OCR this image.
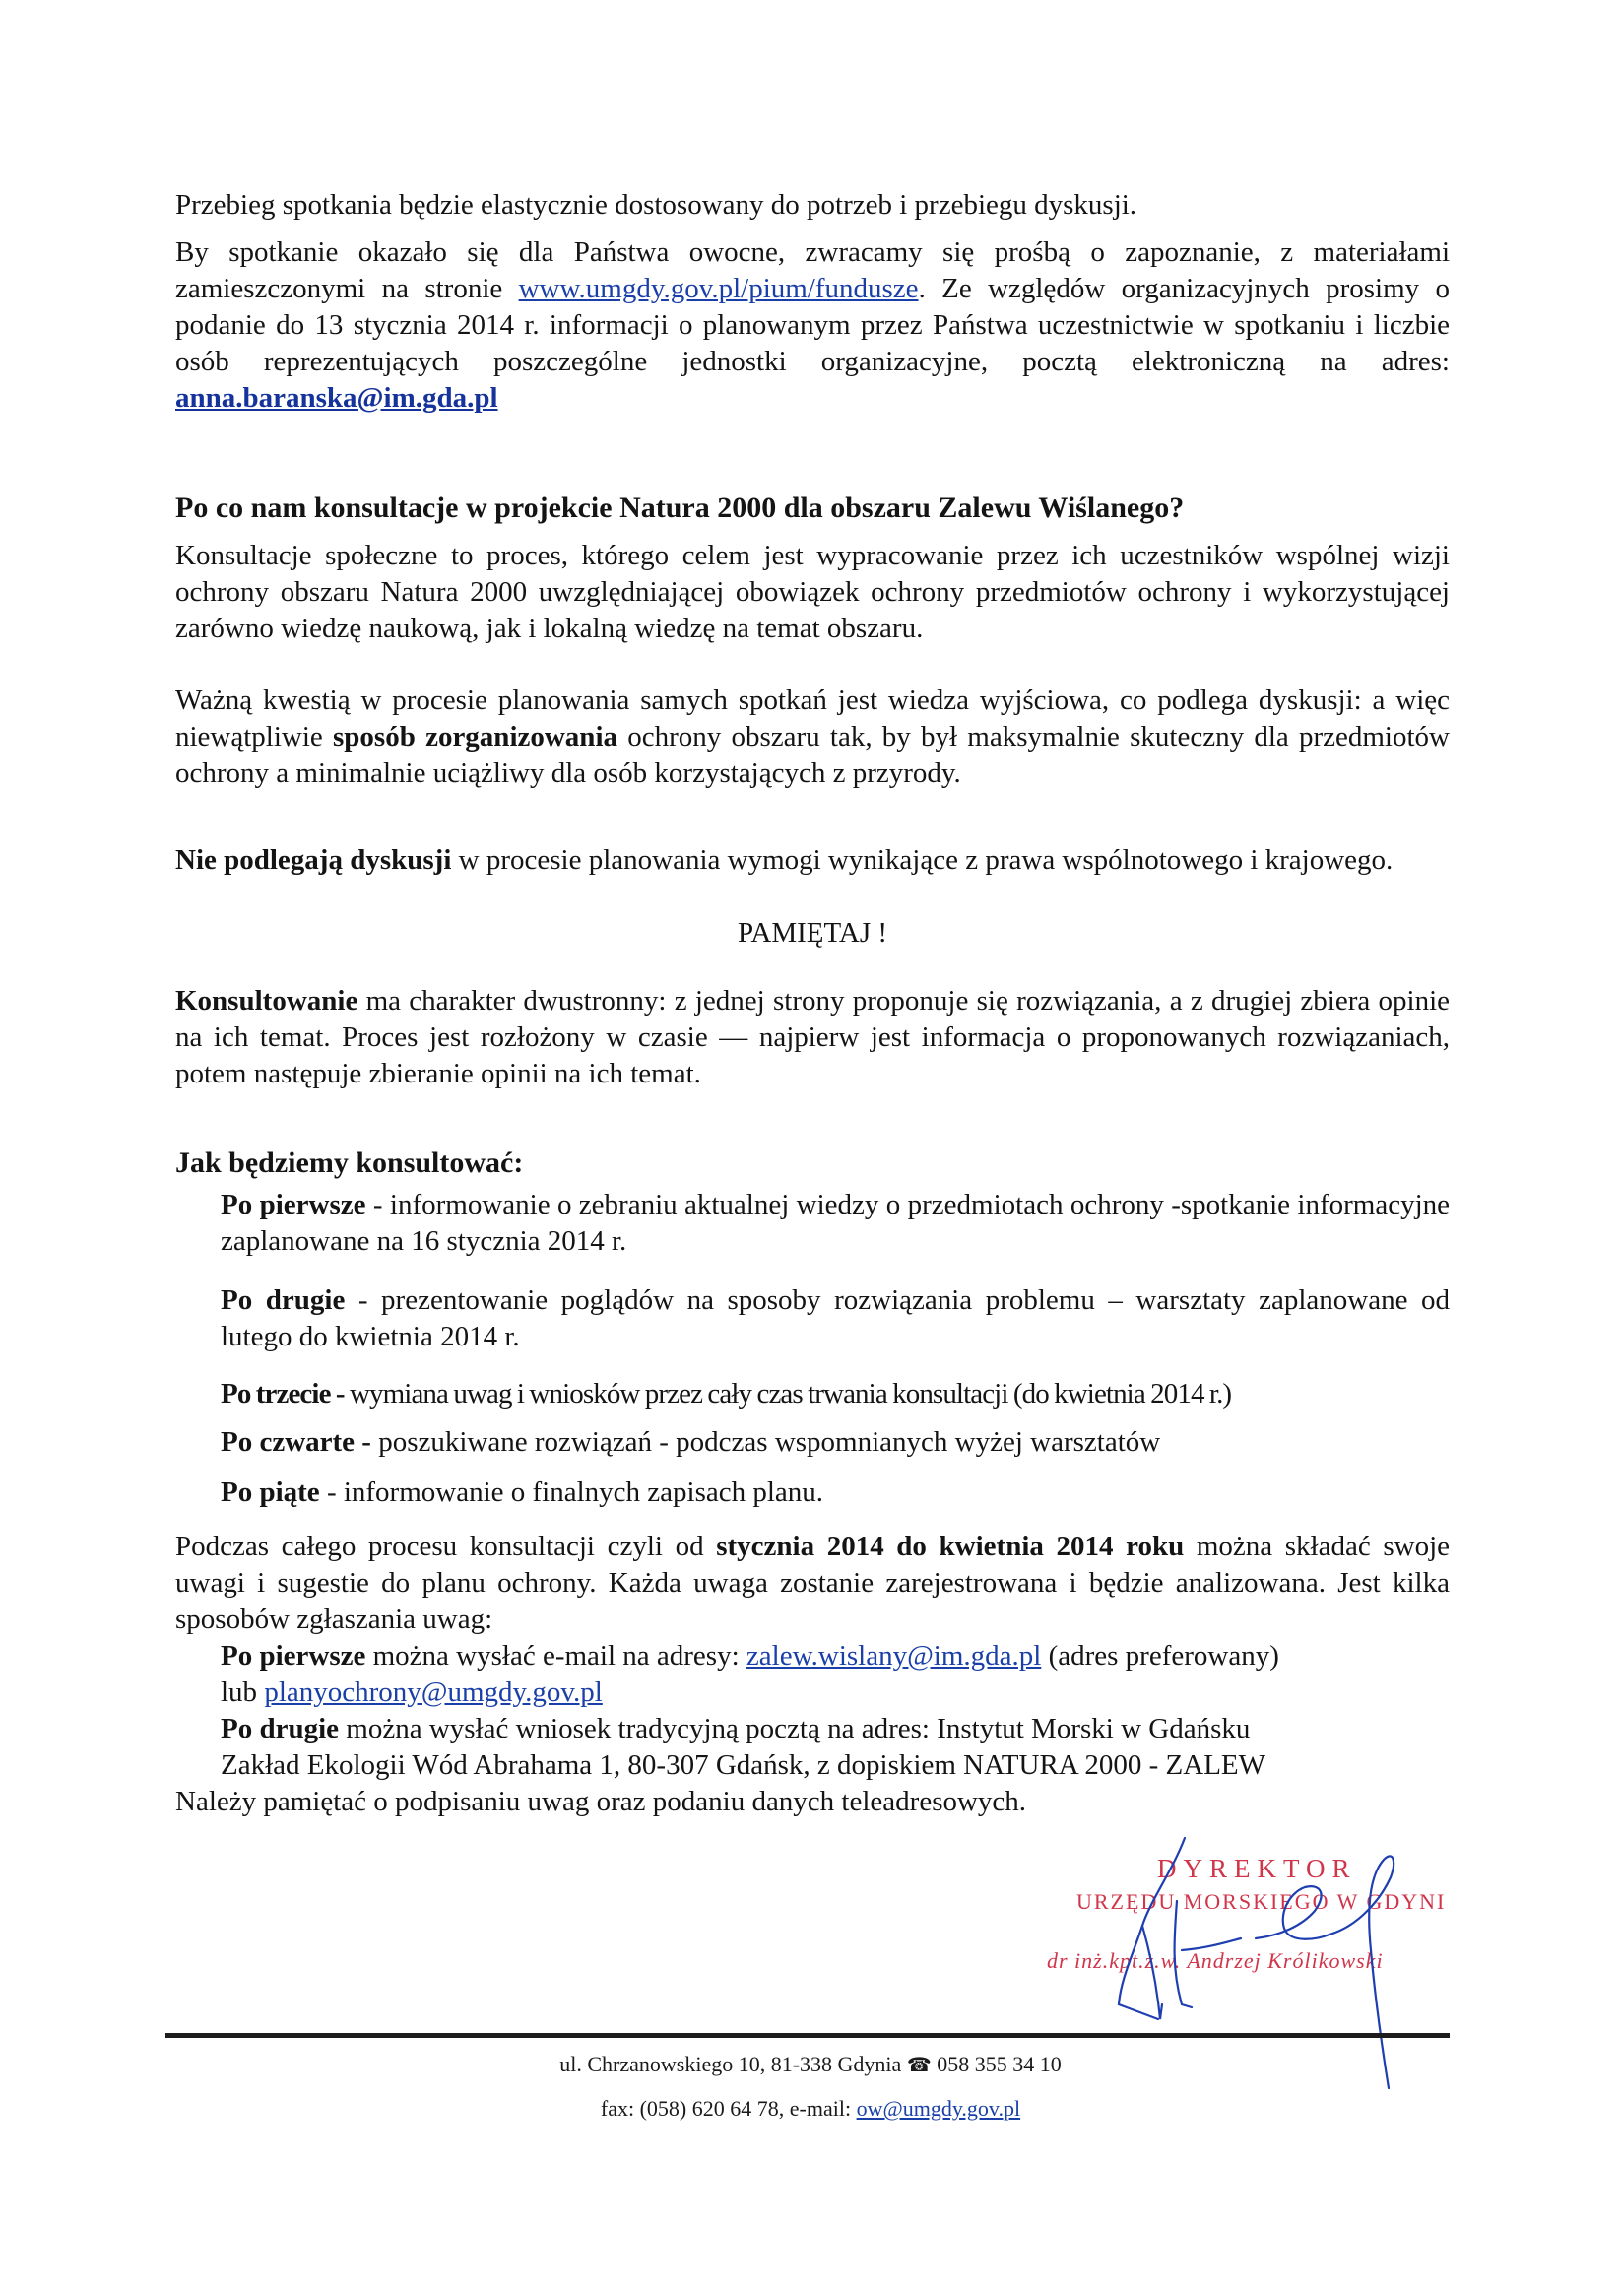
Przebieg spotkania będzie elastycznie dostosowany do potrzeb i przebiegu dyskusji.
By spotkanie okazało się dla Państwa owocne, zwracamy się prośbą o zapoznanie, z materiałami zamieszczonymi na stronie www.umgdy.gov.pl/pium/fundusze. Ze względów organizacyjnych prosimy o podanie do 13 stycznia 2014 r. informacji o planowanym przez Państwa uczestnictwie w spotkaniu i liczbie osób reprezentujących poszczególne jednostki organizacyjne, pocztą elektroniczną na adres: anna.baranska@im.gda.pl
Po co nam konsultacje w projekcie Natura 2000 dla obszaru Zalewu Wiślanego?
Konsultacje społeczne to proces, którego celem jest wypracowanie przez ich uczestników wspólnej wizji ochrony obszaru Natura 2000 uwzględniającej obowiązek ochrony przedmiotów ochrony i wykorzystującej zarówno wiedzę naukową, jak i lokalną wiedzę na temat obszaru.
Ważną kwestią w procesie planowania samych spotkań jest wiedza wyjściowa, co podlega dyskusji: a więc niewątpliwie sposób zorganizowania ochrony obszaru tak, by był maksymalnie skuteczny dla przedmiotów ochrony a minimalnie uciążliwy dla osób korzystających z przyrody.
Nie podlegają dyskusji w procesie planowania wymogi wynikające z prawa wspólnotowego i krajowego.
PAMIĘTAJ !
Konsultowanie ma charakter dwustronny: z jednej strony proponuje się rozwiązania, a z drugiej zbiera opinie na ich temat. Proces jest rozłożony w czasie — najpierw jest informacja o proponowanych rozwiązaniach, potem następuje zbieranie opinii na ich temat.
Jak będziemy konsultować:
Po pierwsze - informowanie o zebraniu aktualnej wiedzy o przedmiotach ochrony -spotkanie informacyjne zaplanowane na 16 stycznia 2014 r.
Po drugie - prezentowanie poglądów na sposoby rozwiązania problemu – warsztaty zaplanowane od lutego do kwietnia 2014 r.
Po trzecie - wymiana uwag i wniosków przez cały czas trwania konsultacji (do kwietnia 2014 r.)
Po czwarte - poszukiwane rozwiązań - podczas wspomnianych wyżej warsztatów
Po piąte - informowanie o finalnych zapisach planu.
Podczas całego procesu konsultacji czyli od stycznia 2014 do kwietnia 2014 roku można składać swoje uwagi i sugestie do planu ochrony. Każda uwaga zostanie zarejestrowana i będzie analizowana. Jest kilka sposobów zgłaszania uwag:
Po pierwsze można wysłać e-mail na adresy: zalew.wislany@im.gda.pl (adres preferowany)
lub planyochrony@umgdy.gov.pl
Po drugie można wysłać wniosek tradycyjną pocztą na adres: Instytut Morski w Gdańsku
Zakład Ekologii Wód Abrahama 1, 80-307 Gdańsk, z dopiskiem NATURA 2000 - ZALEW
Należy pamiętać o podpisaniu uwag oraz podaniu danych teleadresowych.
DYREKTOR
URZĘDU MORSKIEGO W GDYNI
dr inż.kpt.ż.w. Andrzej Królikowski
ul. Chrzanowskiego 10, 81-338 Gdynia ☎ 058 355 34 10
fax: (058) 620 64 78, e-mail: ow@umgdy.gov.pl
